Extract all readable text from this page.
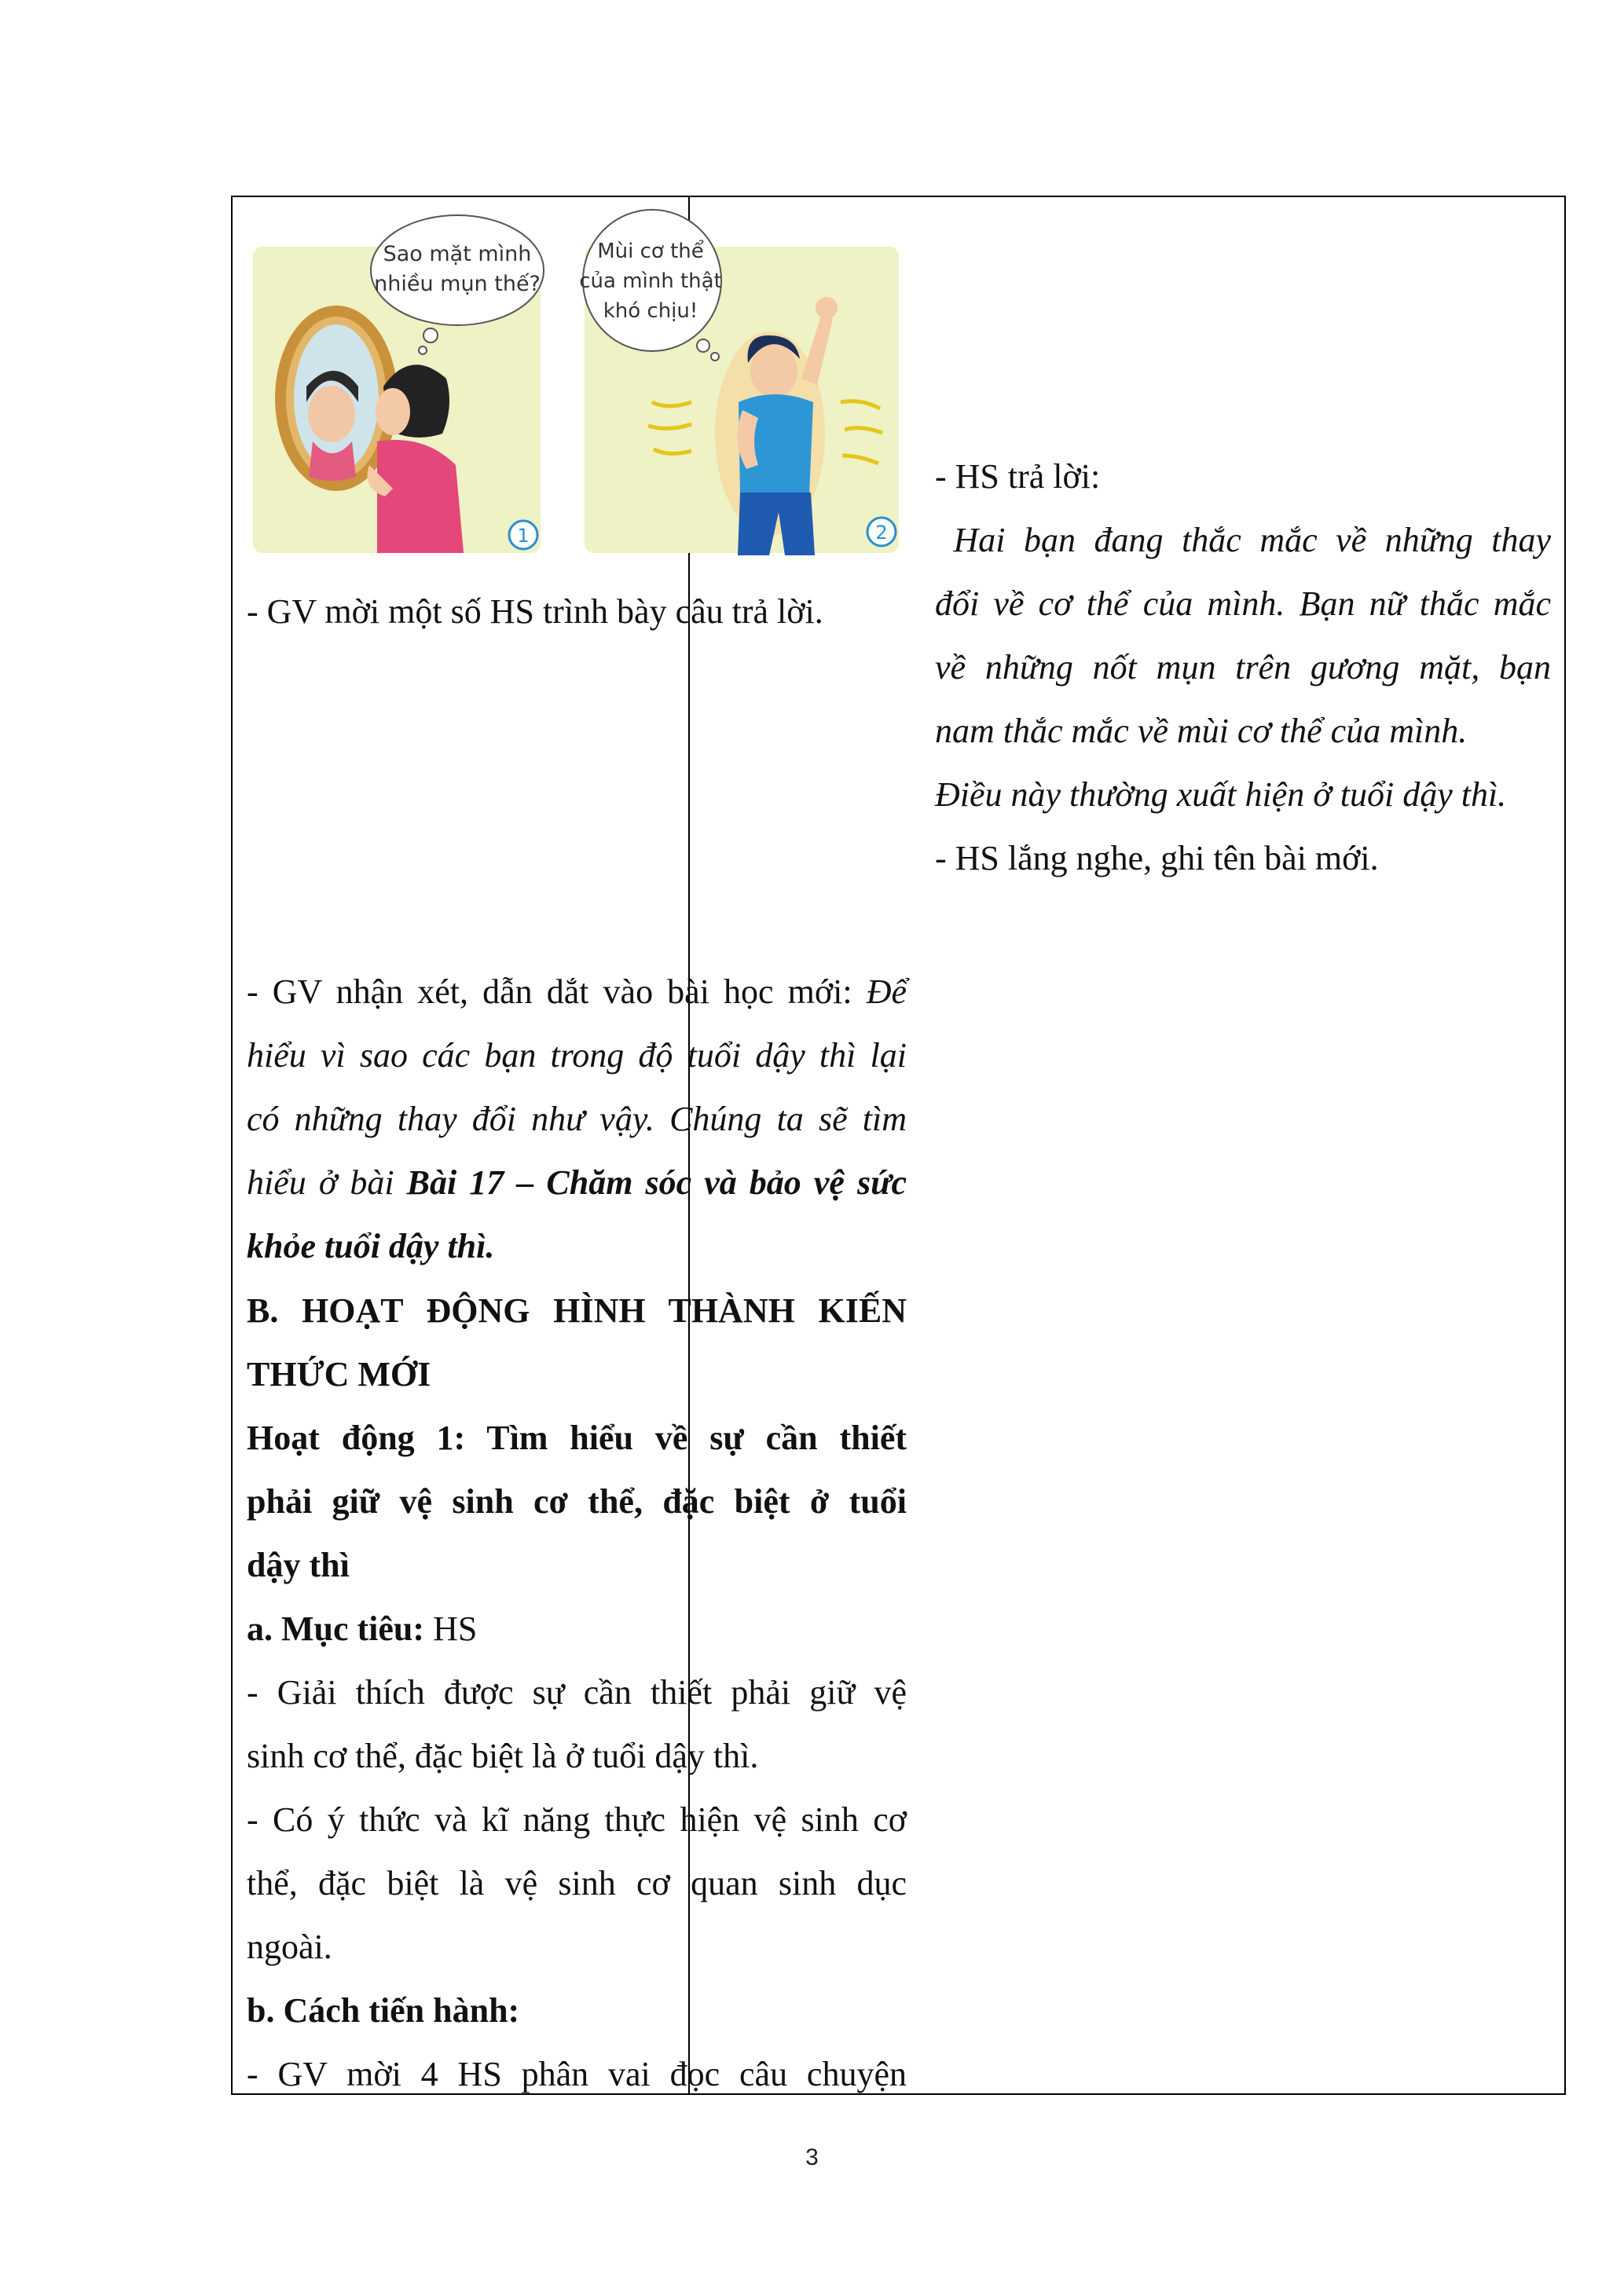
Sao mặt mình
nhiều mụn thế?
1
Mùi cơ thể
của mình thật
khó chịu!
2

- GV mời một số HS trình bày câu trả lời.

- GV nhận xét, dẫn dắt vào bài học mới: Để

hiểu vì sao các bạn trong độ tuổi dậy thì lại

có những thay đổi như vậy. Chúng ta sẽ tìm

hiểu ở bài Bài 17 – Chăm sóc và bảo vệ sức

khỏe tuổi dậy thì.

B. HOẠT ĐỘNG HÌNH THÀNH KIẾN

THỨC MỚI

Hoạt động 1: Tìm hiểu về sự cần thiết

phải giữ vệ sinh cơ thể, đặc biệt ở tuổi

dậy thì

a. Mục tiêu: HS

- Giải thích được sự cần thiết phải giữ vệ

sinh cơ thể, đặc biệt là ở tuổi dậy thì.

- Có ý thức và kĩ năng thực hiện vệ sinh cơ

thể, đặc biệt là vệ sinh cơ quan sinh dục

ngoài.

b. Cách tiến hành:

- GV mời 4 HS phân vai đọc câu chuyện

- HS trả lời:

Hai bạn đang thắc mắc về những thay

đổi về cơ thể của mình. Bạn nữ thắc mắc

về những nốt mụn trên gương mặt, bạn

nam thắc mắc về mùi cơ thể của mình.

Điều này thường xuất hiện ở tuổi dậy thì.

- HS lắng nghe, ghi tên bài mới.

3
